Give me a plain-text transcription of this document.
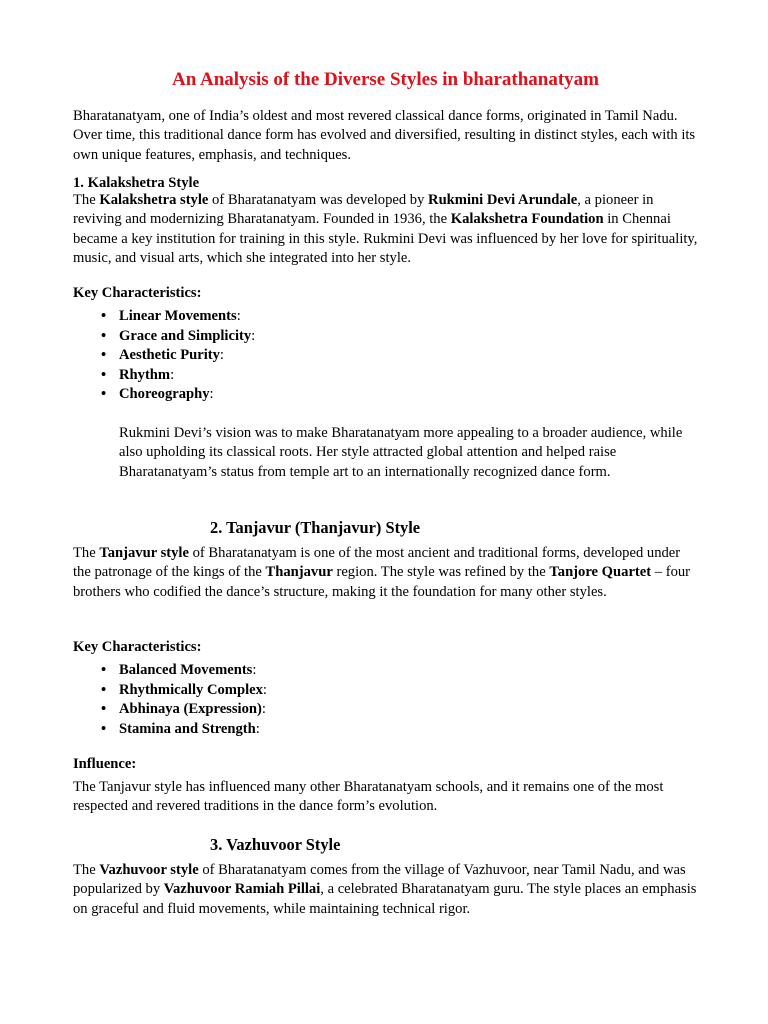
An Analysis of the Diverse Styles in bharathanatyam

Bharatanatyam, one of India’s oldest and most revered classical dance forms, originated in Tamil Nadu. Over time, this traditional dance form has evolved and diversified, resulting in distinct styles, each with its own unique features, emphasis, and techniques.

1. Kalakshetra Style

The Kalakshetra style of Bharatanatyam was developed by Rukmini Devi Arundale, a pioneer in reviving and modernizing Bharatanatyam. Founded in 1936, the Kalakshetra Foundation in Chennai became a key institution for training in this style. Rukmini Devi was influenced by her love for spirituality, music, and visual arts, which she integrated into her style.

Key Characteristics:

• Linear Movements:
• Grace and Simplicity:
• Aesthetic Purity:
• Rhythm:
• Choreography:

Rukmini Devi’s vision was to make Bharatanatyam more appealing to a broader audience, while also upholding its classical roots. Her style attracted global attention and helped raise Bharatanatyam’s status from temple art to an internationally recognized dance form.

2. Tanjavur (Thanjavur) Style

The Tanjavur style of Bharatanatyam is one of the most ancient and traditional forms, developed under the patronage of the kings of the Thanjavur region. The style was refined by the Tanjore Quartet – four brothers who codified the dance’s structure, making it the foundation for many other styles.

Key Characteristics:

• Balanced Movements:
• Rhythmically Complex:
• Abhinaya (Expression):
• Stamina and Strength:

Influence:

The Tanjavur style has influenced many other Bharatanatyam schools, and it remains one of the most respected and revered traditions in the dance form’s evolution.

3. Vazhuvoor Style

The Vazhuvoor style of Bharatanatyam comes from the village of Vazhuvoor, near Tamil Nadu, and was popularized by Vazhuvoor Ramiah Pillai, a celebrated Bharatanatyam guru. The style places an emphasis on graceful and fluid movements, while maintaining technical rigor.
